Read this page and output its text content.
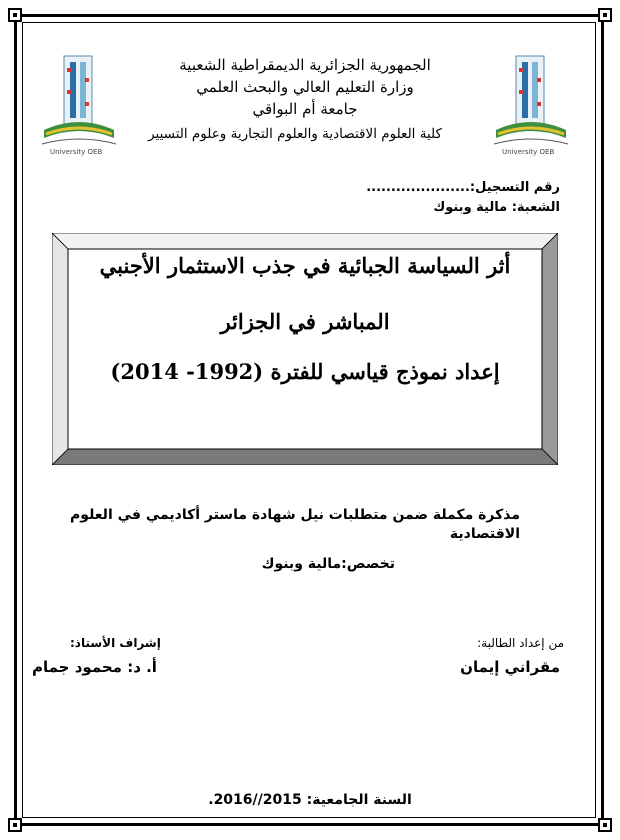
University OEB	University OEB
الجمهورية الجزائرية الديمقراطية الشعبية
وزارة التعليم العالي والبحث العلمي
جامعة أم البواقي
كلية العلوم الاقتصادية والعلوم التجارية وعلوم التسيير
رقم التسجيل:.....................
الشعبة: مالية وبنوك
أثر السياسة الجبائية في جذب الاستثمار الأجنبي
المباشر في الجزائر
إعداد نموذج قياسي للفترة (1992- 2014)
مذكرة مكملة ضمن متطلبات نيل شهادة ماستر أكاديمي في العلوم الاقتصادية
تخصص:مالية وبنوك
من إعداد الطالبة:
إشراف الأستاذ:
مقراني إيمان
أ. د: محمود جمام
السنة الجامعية: 2015//2016.
